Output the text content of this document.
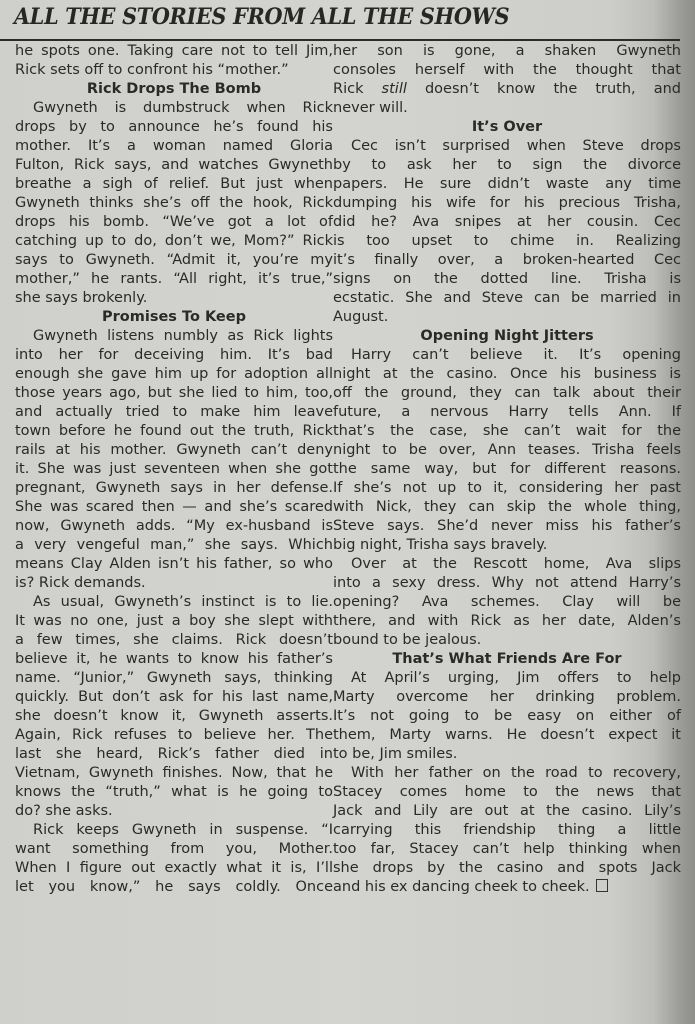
ALL THE STORIES FROM ALL THE SHOWS
he spots one. Taking care not to tell Jim,
Rick sets off to confront his “mother.”
Rick Drops The Bomb
Gwyneth is dumbstruck when Rick
drops by to announce he’s found his
mother. It’s a woman named Gloria
Fulton, Rick says, and watches Gwyneth
breathe a sigh of relief. But just when
Gwyneth thinks she’s off the hook, Rick
drops his bomb. “We’ve got a lot of
catching up to do, don’t we, Mom?” Rick
says to Gwyneth. “Admit it, you’re my
mother,” he rants. “All right, it’s true,”
she says brokenly.
Promises To Keep
Gwyneth listens numbly as Rick lights
into her for deceiving him. It’s bad
enough she gave him up for adoption all
those years ago, but she lied to him, too,
and actually tried to make him leave
town before he found out the truth, Rick
rails at his mother. Gwyneth can’t deny
it. She was just seventeen when she got
pregnant, Gwyneth says in her defense.
She was scared then — and she’s scared
now, Gwyneth adds. “My ex-husband is
a very vengeful man,” she says. Which
means Clay Alden isn’t his father, so who
is? Rick demands.
As usual, Gwyneth’s instinct is to lie.
It was no one, just a boy she slept with
a few times, she claims. Rick doesn’t
believe it, he wants to know his father’s
name. “Junior,” Gwyneth says, thinking
quickly. But don’t ask for his last name,
she doesn’t know it, Gwyneth asserts.
Again, Rick refuses to believe her. The
last she heard, Rick’s father died in
Vietnam, Gwyneth finishes. Now, that he
knows the “truth,” what is he going to
do? she asks.
Rick keeps Gwyneth in suspense. “I
want something from you, Mother.
When I figure out exactly what it is, I’ll
let you know,” he says coldly. Once
her son is gone, a shaken Gwyneth
consoles herself with the thought that
Rick still doesn’t know the truth, and
never will.
It’s Over
Cec isn’t surprised when Steve drops
by to ask her to sign the divorce
papers. He sure didn’t waste any time
dumping his wife for his precious Trisha,
did he? Ava snipes at her cousin. Cec
is too upset to chime in. Realizing
it’s finally over, a broken-hearted Cec
signs on the dotted line. Trisha is
ecstatic. She and Steve can be married in
August.
Opening Night Jitters
Harry can’t believe it. It’s opening
night at the casino. Once his business is
off the ground, they can talk about their
future, a nervous Harry tells Ann. If
that’s the case, she can’t wait for the
night to be over, Ann teases. Trisha feels
the same way, but for different reasons.
If she’s not up to it, considering her past
with Nick, they can skip the whole thing,
Steve says. She’d never miss his father’s
big night, Trisha says bravely.
Over at the Rescott home, Ava slips
into a sexy dress. Why not attend Harry’s
opening? Ava schemes. Clay will be
there, and with Rick as her date, Alden’s
bound to be jealous.
That’s What Friends Are For
At April’s urging, Jim offers to help
Marty overcome her drinking problem.
It’s not going to be easy on either of
them, Marty warns. He doesn’t expect it
to be, Jim smiles.
With her father on the road to recovery,
Stacey comes home to the news that
Jack and Lily are out at the casino. Lily’s
carrying this friendship thing a little
too far, Stacey can’t help thinking when
she drops by the casino and spots Jack
and his ex dancing cheek to cheek.
